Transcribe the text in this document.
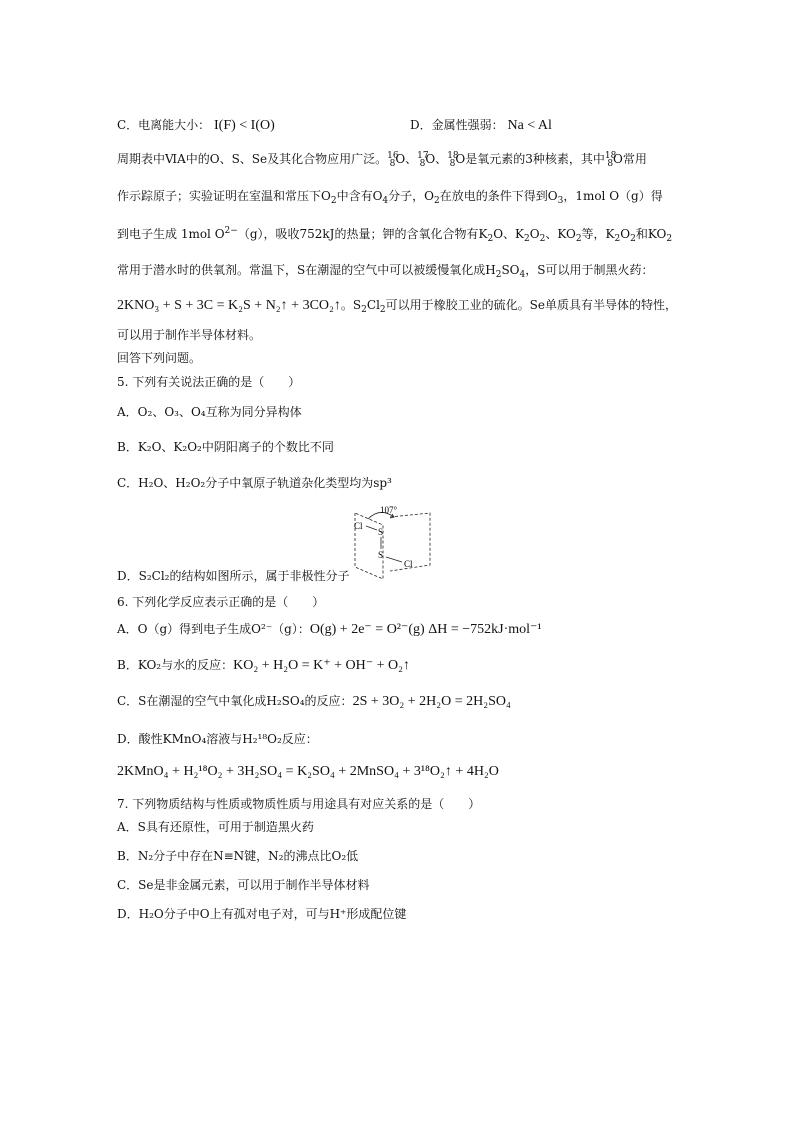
C．电离能大小： I(F) < I(O)	D．金属性强弱： Na < Al
周期表中ⅥA中的O、S、Se及其化合物应用广泛。$^{16}_8$O、$^{17}_8$O、$^{18}_8$O是氧元素的3种核素，其中$^{18}_8$O常用
作示踪原子；实验证明在室温和常压下$O_2$中含有$O_4$分子，$O_2$在放电的条件下得到$O_3$，1mol O（g）得
到电子生成 1mol $O^{2-}(g)$，吸收752kJ的热量；钾的含氧化合物有$K_2O$、$K_2O_2$、$KO_2$等，$K_2O_2$和$KO_2$
常用于潜水时的供氧剂。常温下，S在潮湿的空气中可以被缓慢氧化成$H_2SO_4$，S可以用于制黑火药：
2KNO₃ + S + 3C = K₂S + N₂↑ + 3CO₂↑。$S_2Cl_2$可以用于橡胶工业的硫化。Se单质具有半导体的特性，
可以用于制作半导体材料。
回答下列问题。
5. 下列有关说法正确的是（　　）
A．O₂、O₃、O₄互称为同分异构体
B．K₂O、K₂O₂中阴阳离子的个数比不同
C．H₂O、H₂O₂分子中氧原子轨道杂化类型均为sp³
107°
Cl
S
S
Cl
D．S₂Cl₂的结构如图所示，属于非极性分子
6. 下列化学反应表示正确的是（　　）
A．O（g）得到电子生成O²⁻（g）：O(g) + 2e⁻ = O²⁻(g) ΔH = −752kJ·mol⁻¹
B．KO₂与水的反应：KO₂ + H₂O = K⁺ + OH⁻ + O₂↑
C．S在潮湿的空气中氧化成H₂SO₄的反应：2S + 3O₂ + 2H₂O = 2H₂SO₄
D．酸性KMnO₄溶液与H₂¹⁸O₂反应：
2KMnO₄ + H₂¹⁸O₂ + 3H₂SO₄ = K₂SO₄ + 2MnSO₄ + 3¹⁸O₂↑ + 4H₂O
7. 下列物质结构与性质或物质性质与用途具有对应关系的是（　　）
A．S具有还原性，可用于制造黑火药
B．N₂分子中存在N≡N键，N₂的沸点比O₂低
C．Se是非金属元素，可以用于制作半导体材料
D．H₂O分子中O上有孤对电子对，可与H⁺形成配位键
